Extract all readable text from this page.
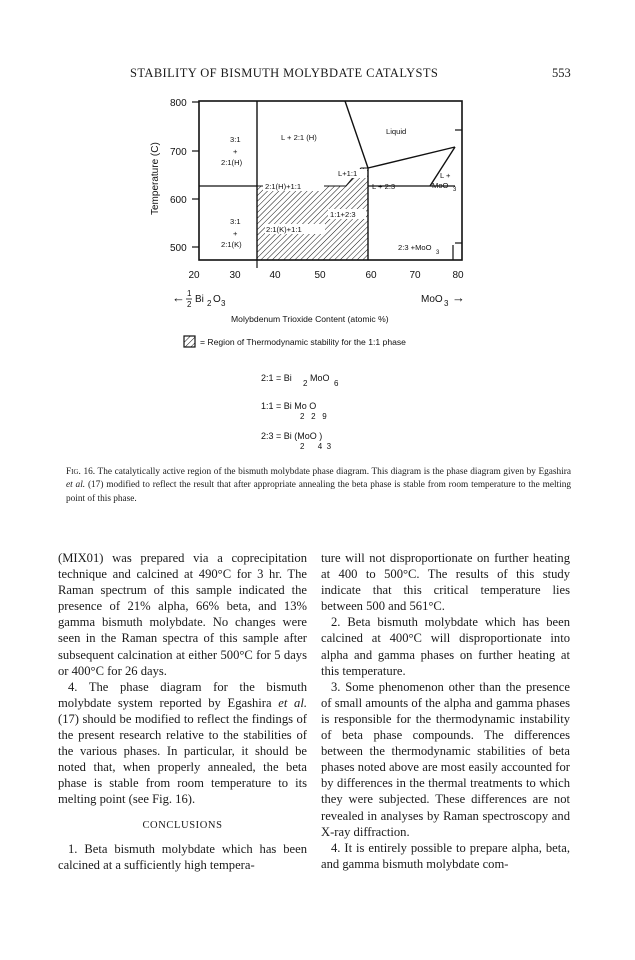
STABILITY OF BISMUTH MOLYBDATE CATALYSTS	553
800
700
600
500
Temperature (C)
20	30	40	50	60	70	80
← 1
2 Bi 2 O 3	MoO 3 →
Molybdenum Trioxide Content (atomic %)
Liquid
L + 2:1 (H)
3:1
+
2:1(H)
3:1
+
2:1(K)
L + 2:3
L +
MoO 3
2:3 +MoO
3
2:1(H)+1:1
L+1:1
1:1+2:3
2:1(K)+1:1
= Region of Thermodynamic stability for the 1:1 phase
2:1 = Bi
2
MoO
6
1:1 = Bi Mo O
2   2   9
2:3 = Bi (MoO )
2      4  3

Fig. 16. The catalytically active region of the bismuth molybdate phase diagram. This diagram is the phase diagram given by Egashira et al. (17) modified to reflect the result that after appropriate annealing the beta phase is stable from room temperature to the melting point of this phase.

(MIX01) was prepared via a coprecipitation technique and calcined at 490°C for 3 hr. The Raman spectrum of this sample indicated the presence of 21% alpha, 66% beta, and 13% gamma bismuth molybdate. No changes were seen in the Raman spectra of this sample after subsequent calcination at either 500°C for 5 days or 400°C for 26 days.

4. The phase diagram for the bismuth molybdate system reported by Egashira et al. (17) should be modified to reflect the findings of the present research relative to the stabilities of the various phases. In particular, it should be noted that, when properly annealed, the beta phase is stable from room temperature to its melting point (see Fig. 16).

CONCLUSIONS

1. Beta bismuth molybdate which has been calcined at a sufficiently high tempera-

ture will not disproportionate on further heating at 400 to 500°C. The results of this study indicate that this critical temperature lies between 500 and 561°C.

2. Beta bismuth molybdate which has been calcined at 400°C will disproportionate into alpha and gamma phases on further heating at this temperature.

3. Some phenomenon other than the presence of small amounts of the alpha and gamma phases is responsible for the thermodynamic instability of beta phase compounds. The differences between the thermodynamic stabilities of beta phases noted above are most easily accounted for by differences in the thermal treatments to which they were subjected. These differences are not revealed in analyses by Raman spectroscopy and X-ray diffraction.

4. It is entirely possible to prepare alpha, beta, and gamma bismuth molybdate com-
